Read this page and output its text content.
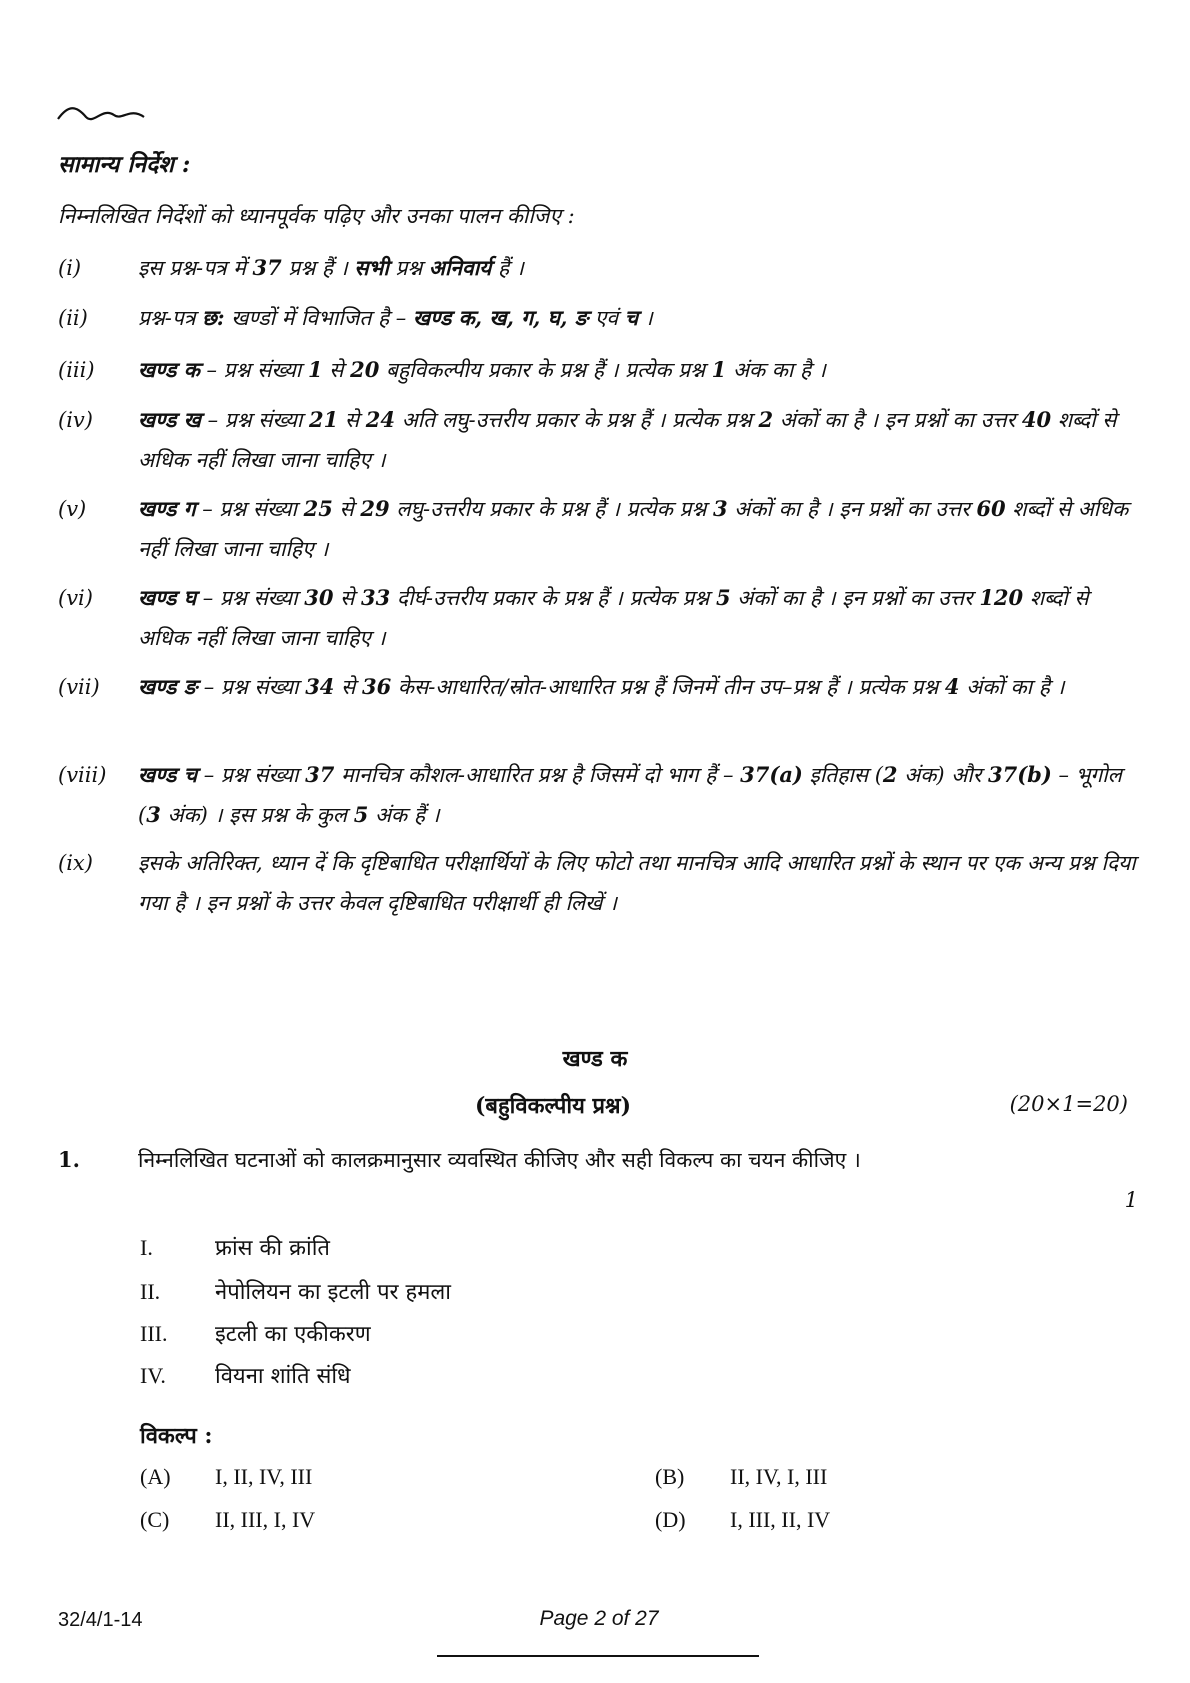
सामान्य निर्देश :
निम्नलिखित निर्देशों को ध्यानपूर्वक पढ़िए और उनका पालन कीजिए :
(i)	इस प्रश्न-पत्र में 37 प्रश्न हैं । सभी प्रश्न अनिवार्य हैं ।
(ii)	प्रश्न-पत्र छ: खण्डों में विभाजित है – खण्ड क, ख, ग, घ, ङ एवं च ।
(iii)	खण्ड क – प्रश्न संख्या 1 से 20 बहुविकल्पीय प्रकार के प्रश्न हैं । प्रत्येक प्रश्न 1 अंक का है ।
(iv)	खण्ड ख – प्रश्न संख्या 21 से 24 अति लघु-उत्तरीय प्रकार के प्रश्न हैं । प्रत्येक प्रश्न 2 अंकों का है । इन प्रश्नों का उत्तर 40 शब्दों से अधिक नहीं लिखा जाना चाहिए ।
(v)	खण्ड ग – प्रश्न संख्या 25 से 29 लघु-उत्तरीय प्रकार के प्रश्न हैं । प्रत्येक प्रश्न 3 अंकों का है । इन प्रश्नों का उत्तर 60 शब्दों से अधिक नहीं लिखा जाना चाहिए ।
(vi)	खण्ड घ – प्रश्न संख्या 30 से 33 दीर्घ-उत्तरीय प्रकार के प्रश्न हैं । प्रत्येक प्रश्न 5 अंकों का है । इन प्रश्नों का उत्तर 120 शब्दों से अधिक नहीं लिखा जाना चाहिए ।
(vii)	खण्ड ङ – प्रश्न संख्या 34 से 36 केस-आधारित/स्रोत-आधारित प्रश्न हैं जिनमें तीन उप–प्रश्न हैं । प्रत्येक प्रश्न 4 अंकों का है ।
(viii)	खण्ड च – प्रश्न संख्या 37 मानचित्र कौशल-आधारित प्रश्न है जिसमें दो भाग हैं – 37(a) इतिहास (2 अंक) और 37(b) – भूगोल (3 अंक) । इस प्रश्न के कुल 5 अंक हैं ।
(ix)	इसके अतिरिक्त, ध्यान दें कि दृष्टिबाधित परीक्षार्थियों के लिए फोटो तथा मानचित्र आदि आधारित प्रश्नों के स्थान पर एक अन्य प्रश्न दिया गया है । इन प्रश्नों के उत्तर केवल दृष्टिबाधित परीक्षार्थी ही लिखें ।
खण्ड क
(बहुविकल्पीय प्रश्न)	(20×1=20)
1.	निम्नलिखित घटनाओं को कालक्रमानुसार व्यवस्थित कीजिए और सही विकल्प का चयन कीजिए ।
1
I.	फ्रांस की क्रांति
II. नेपोलियन का इटली पर हमला
III. इटली का एकीकरण
IV. वियना शांति संधि
विकल्प :
(A) I, II, IV, III	(B) II, IV, I, III
(C) II, III, I, IV	(D) I, III, II, IV
32/4/1-14	Page 2 of 27
